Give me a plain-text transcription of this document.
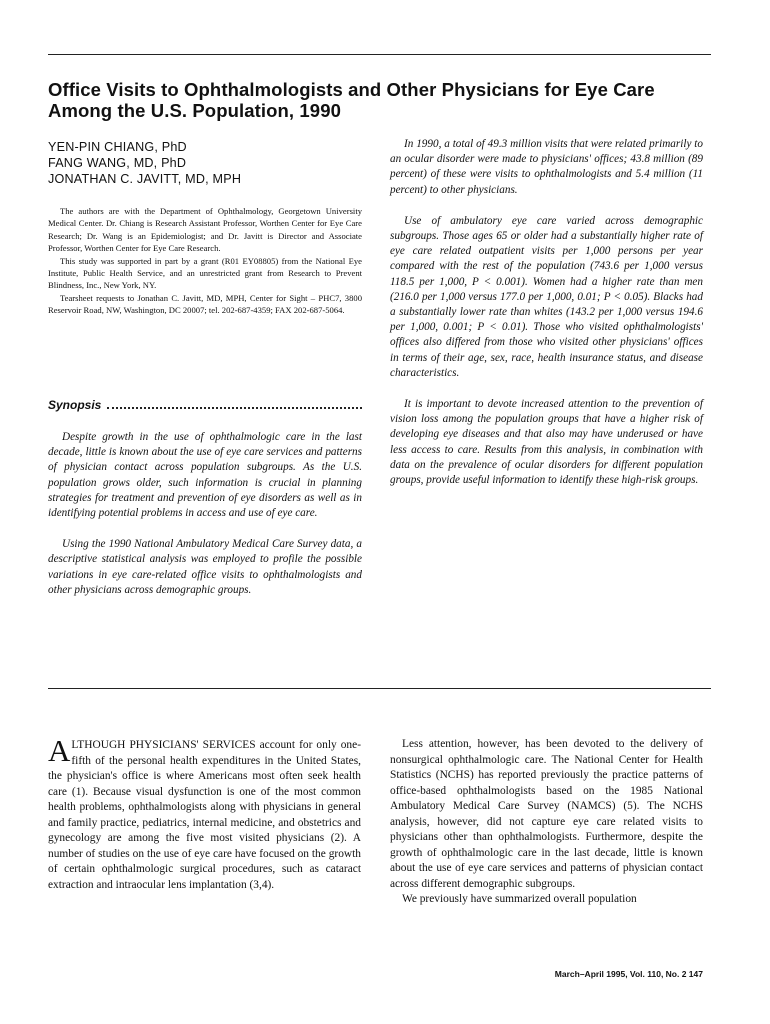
Office Visits to Ophthalmologists and Other Physicians for Eye Care Among the U.S. Population, 1990
YEN-PIN CHIANG, PhD
FANG WANG, MD, PhD
JONATHAN C. JAVITT, MD, MPH

The authors are with the Department of Ophthalmology, Georgetown University Medical Center. Dr. Chiang is Research Assistant Professor, Worthen Center for Eye Care Research; Dr. Wang is an Epidemiologist; and Dr. Javitt is Director and Associate Professor, Worthen Center for Eye Care Research.

This study was supported in part by a grant (R01 EY08805) from the National Eye Institute, Public Health Service, and an unrestricted grant from Research to Prevent Blindness, Inc., New York, NY.

Tearsheet requests to Jonathan C. Javitt, MD, MPH, Center for Sight – PHC7, 3800 Reservoir Road, NW, Washington, DC 20007; tel. 202-687-4359; FAX 202-687-5064.

Synopsis

Despite growth in the use of ophthalmologic care in the last decade, little is known about the use of eye care services and patterns of physician contact across population subgroups. As the U.S. population grows older, such information is crucial in planning strategies for treatment and prevention of eye disorders as well as in identifying potential problems in access and use of eye care.

Using the 1990 National Ambulatory Medical Care Survey data, a descriptive statistical analysis was employed to profile the possible variations in eye care-related office visits to ophthalmologists and other physicians across demographic groups.

In 1990, a total of 49.3 million visits that were related primarily to an ocular disorder were made to physicians' offices; 43.8 million (89 percent) of these were visits to ophthalmologists and 5.4 million (11 percent) to other physicians.

Use of ambulatory eye care varied across demographic subgroups. Those ages 65 or older had a substantially higher rate of eye care related outpatient visits per 1,000 persons per year compared with the rest of the population (743.6 per 1,000 versus 118.5 per 1,000, P < 0.001). Women had a higher rate than men (216.0 per 1,000 versus 177.0 per 1,000, 0.01; P < 0.05). Blacks had a substantially lower rate than whites (143.2 per 1,000 versus 194.6 per 1,000, 0.001; P < 0.01). Those who visited ophthalmologists' offices also differed from those who visited other physicians' offices in terms of their age, sex, race, health insurance status, and disease characteristics.

It is important to devote increased attention to the prevention of vision loss among the population groups that have a higher risk of developing eye diseases and that also may have underused or have less access to care. Results from this analysis, in combination with data on the prevalence of ocular disorders for different population groups, provide useful information to identify these high-risk groups.

ALTHOUGH PHYSICIANS' SERVICES account for only one-fifth of the personal health expenditures in the United States, the physician's office is where Americans most often seek health care (1). Because visual dysfunction is one of the most common health problems, ophthalmologists along with physicians in general and family practice, pediatrics, internal medicine, and obstetrics and gynecology are among the five most visited physicians (2). A number of studies on the use of eye care have focused on the growth of certain ophthalmologic surgical procedures, such as cataract extraction and intraocular lens implantation (3,4).

Less attention, however, has been devoted to the delivery of nonsurgical ophthalmologic care. The National Center for Health Statistics (NCHS) has reported previously the practice patterns of office-based ophthalmologists based on the 1985 National Ambulatory Medical Care Survey (NAMCS) (5). The NCHS analysis, however, did not capture eye care related visits to physicians other than ophthalmologists. Furthermore, despite the growth of ophthalmologic care in the last decade, little is known about the use of eye care services and patterns of physician contact across different demographic subgroups.

We previously have summarized overall population

March–April 1995, Vol. 110, No. 2 147
